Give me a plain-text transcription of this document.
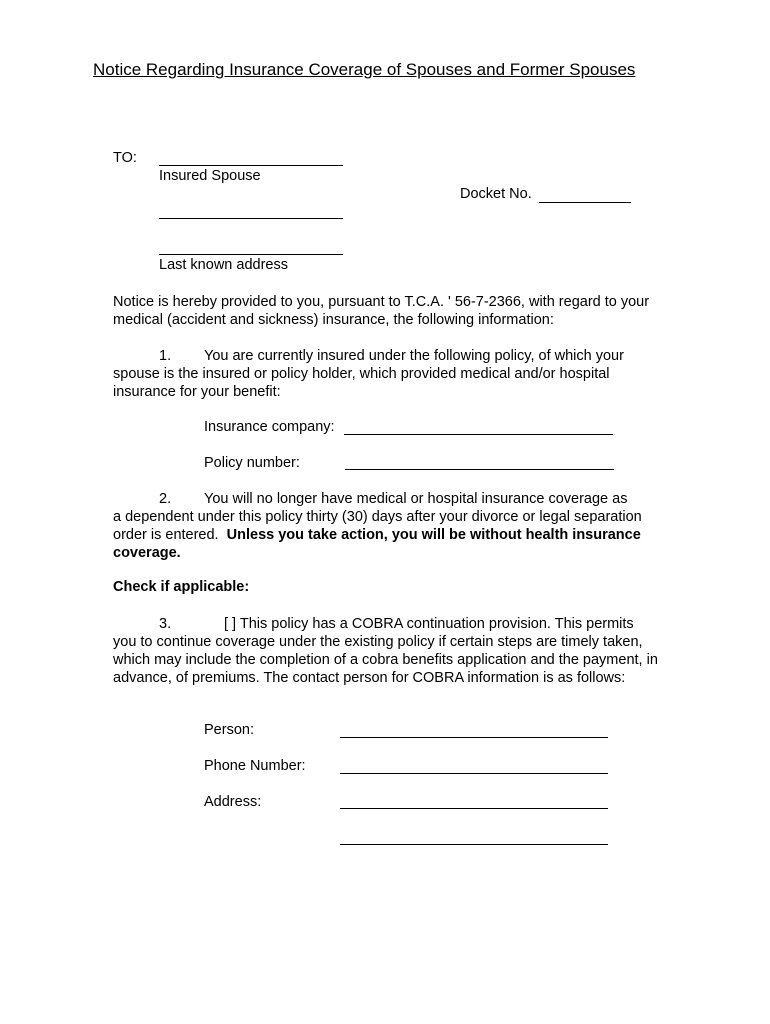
Notice Regarding Insurance Coverage of Spouses and Former Spouses
TO:
Insured Spouse
Docket No.
Last known address
Notice is hereby provided to you, pursuant to T.C.A. ' 56-7-2366, with regard to your medical (accident and sickness) insurance, the following information:
1. You are currently insured under the following policy, of which your
spouse is the insured or policy holder, which provided medical and/or hospital insurance for your benefit:
Insurance company:
Policy number:
2. You will no longer have medical or hospital insurance coverage as
a dependent under this policy thirty (30) days after your divorce or legal separation order is entered. Unless you take action, you will be without health insurance coverage.
Check if applicable:
3.	[ ] This policy has a COBRA continuation provision. This permits
you to continue coverage under the existing policy if certain steps are timely taken, which may include the completion of a cobra benefits application and the payment, in advance, of premiums. The contact person for COBRA information is as follows:
Person:
Phone Number:
Address:
